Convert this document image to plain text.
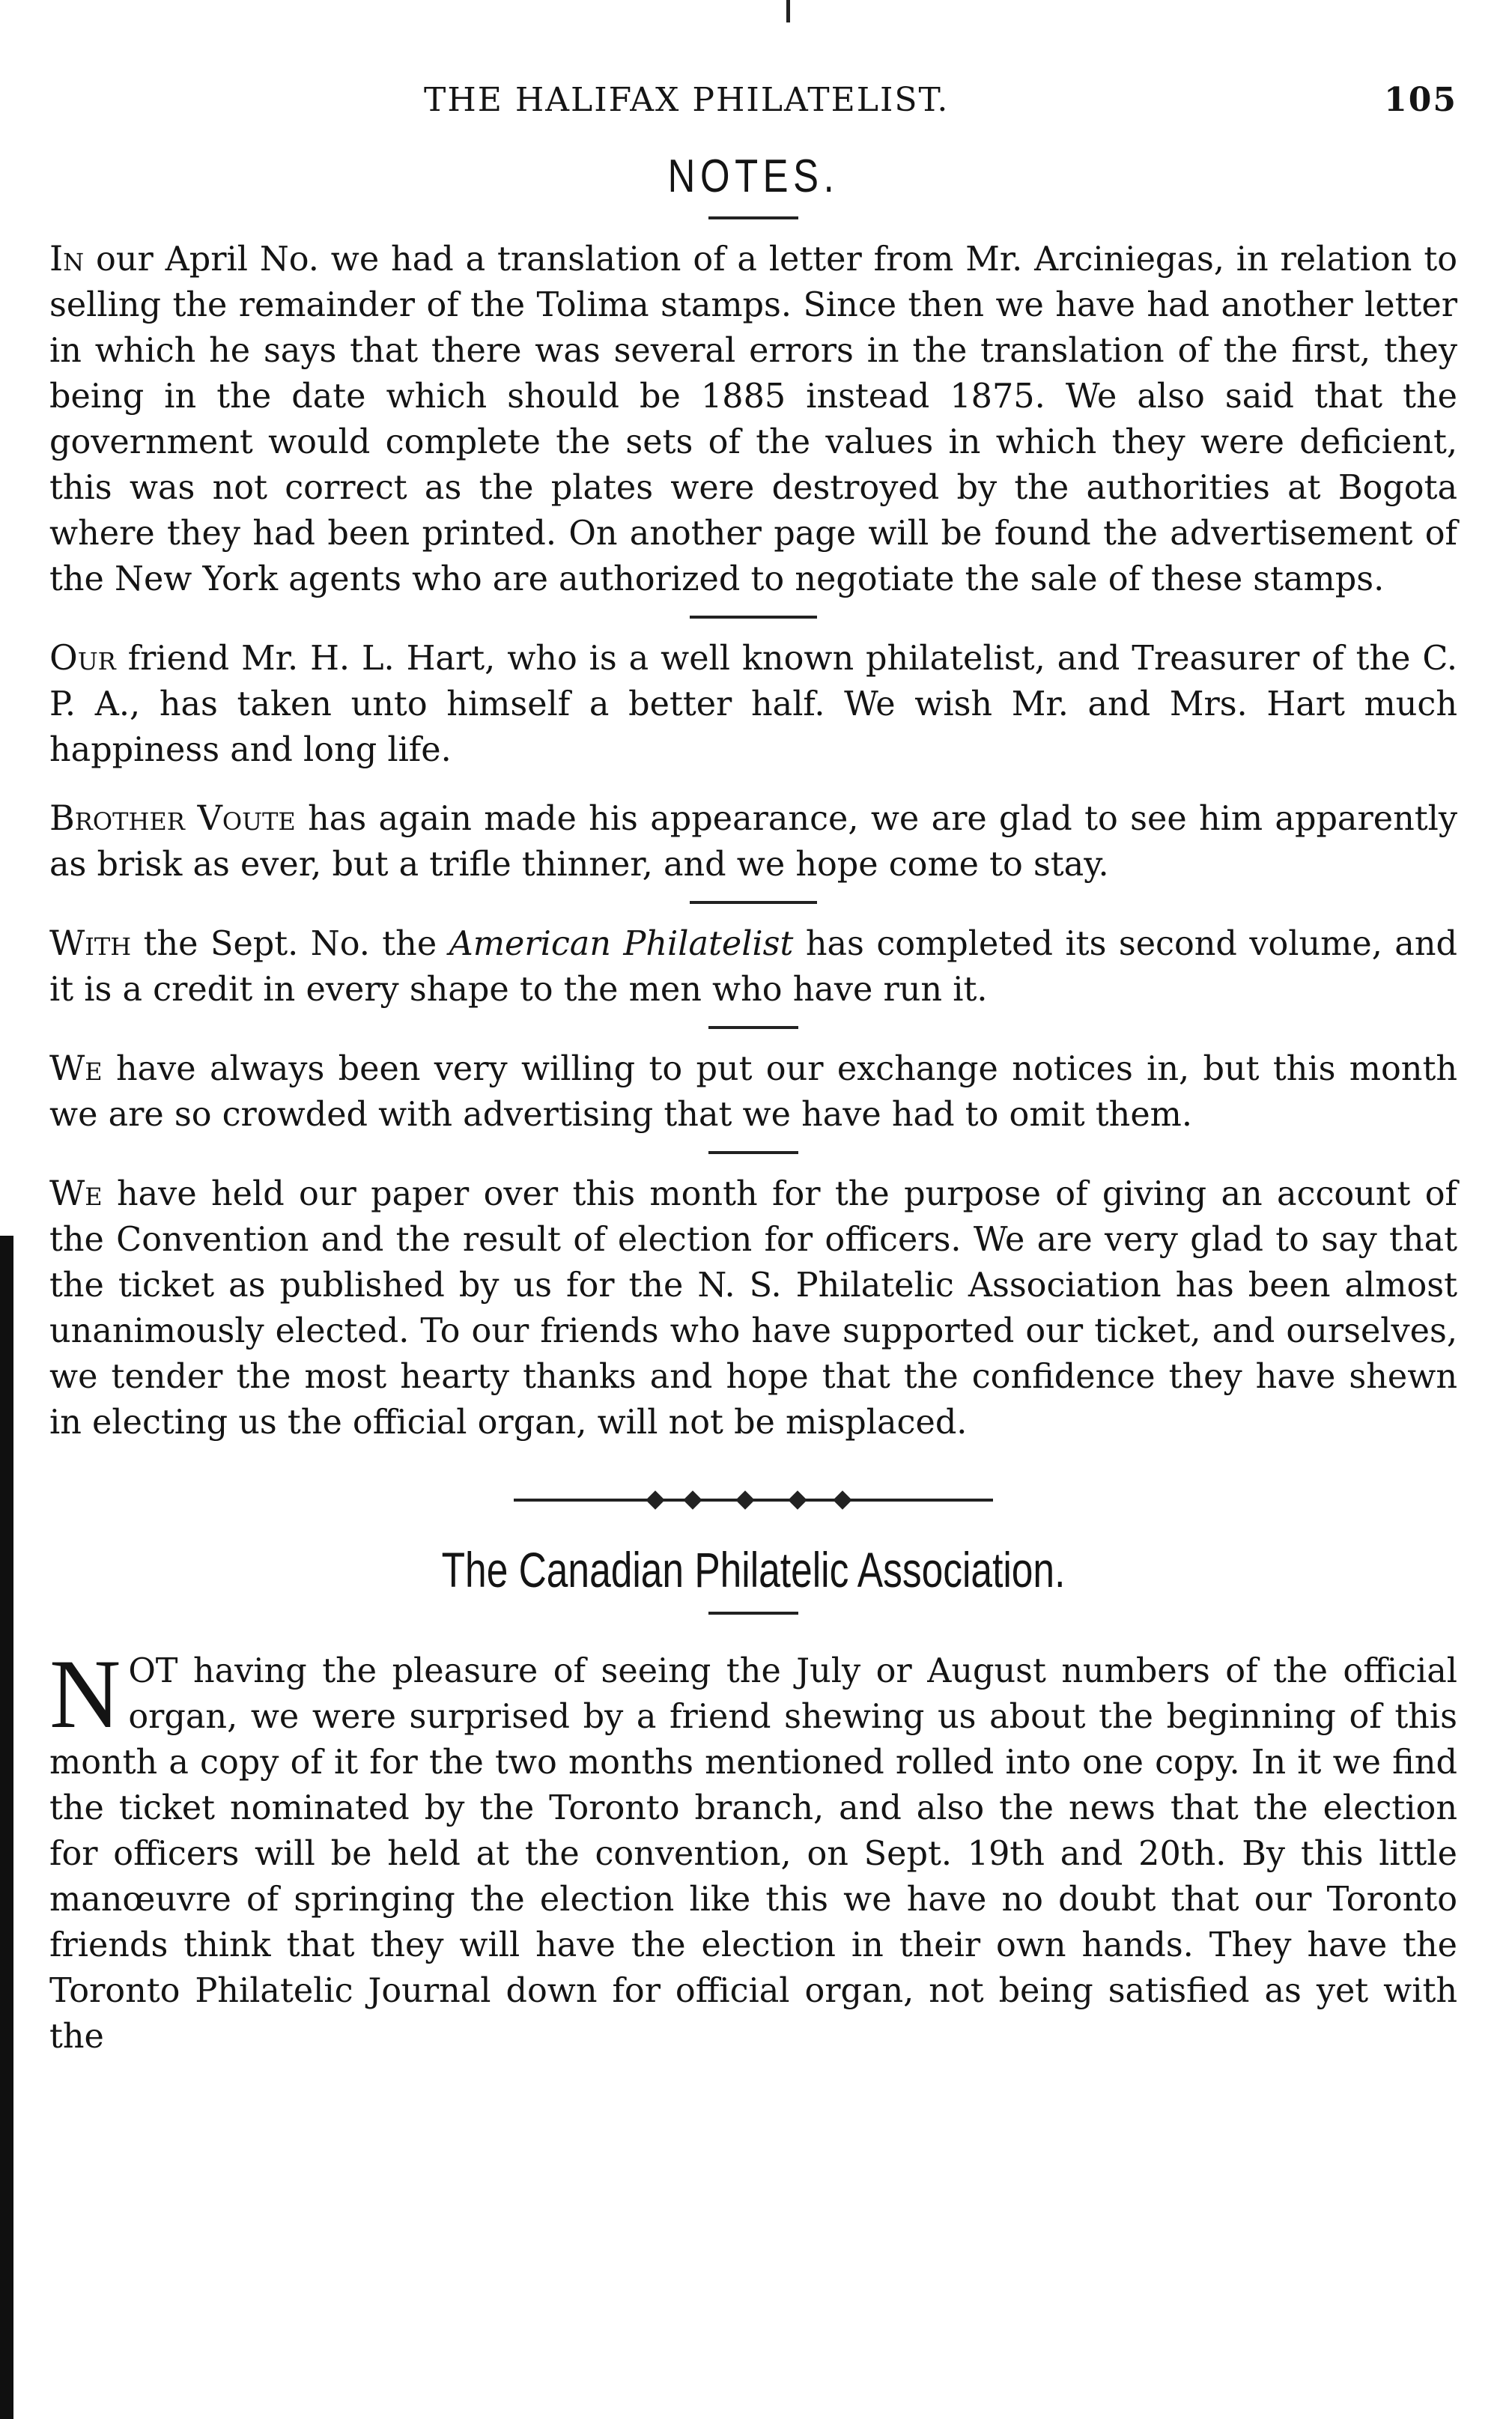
THE HALIFAX PHILATELIST.	105
NOTES.

In our April No. we had a translation of a letter from Mr. Arciniegas, in relation to selling the remainder of the Tolima stamps. Since then we have had another letter in which he says that there was several errors in the translation of the first, they being in the date which should be 1885 instead 1875. We also said that the government would complete the sets of the values in which they were deficient, this was not correct as the plates were destroyed by the authorities at Bogota where they had been printed. On another page will be found the advertisement of the New York agents who are authorized to negotiate the sale of these stamps.

Our friend Mr. H. L. Hart, who is a well known philatelist, and Treasurer of the C. P. A., has taken unto himself a better half. We wish Mr. and Mrs. Hart much happiness and long life.

Brother Voute has again made his appearance, we are glad to see him apparently as brisk as ever, but a trifle thinner, and we hope come to stay.

With the Sept. No. the American Philatelist has completed its second volume, and it is a credit in every shape to the men who have run it.

We have always been very willing to put our exchange notices in, but this month we are so crowded with advertising that we have had to omit them.

We have held our paper over this month for the purpose of giving an account of the Convention and the result of election for officers. We are very glad to say that the ticket as published by us for the N. S. Philatelic Association has been almost unanimously elected. To our friends who have supported our ticket, and ourselves, we tender the most hearty thanks and hope that the confidence they have shewn in electing us the official organ, will not be misplaced.

The Canadian Philatelic Association.

NOT having the pleasure of seeing the July or August numbers of the official organ, we were surprised by a friend shewing us about the beginning of this month a copy of it for the two months mentioned rolled into one copy. In it we find the ticket nominated by the Toronto branch, and also the news that the election for officers will be held at the convention, on Sept. 19th and 20th. By this little manœuvre of springing the election like this we have no doubt that our Toronto friends think that they will have the election in their own hands. They have the Toronto Philatelic Journal down for official organ, not being satisfied as yet with the
